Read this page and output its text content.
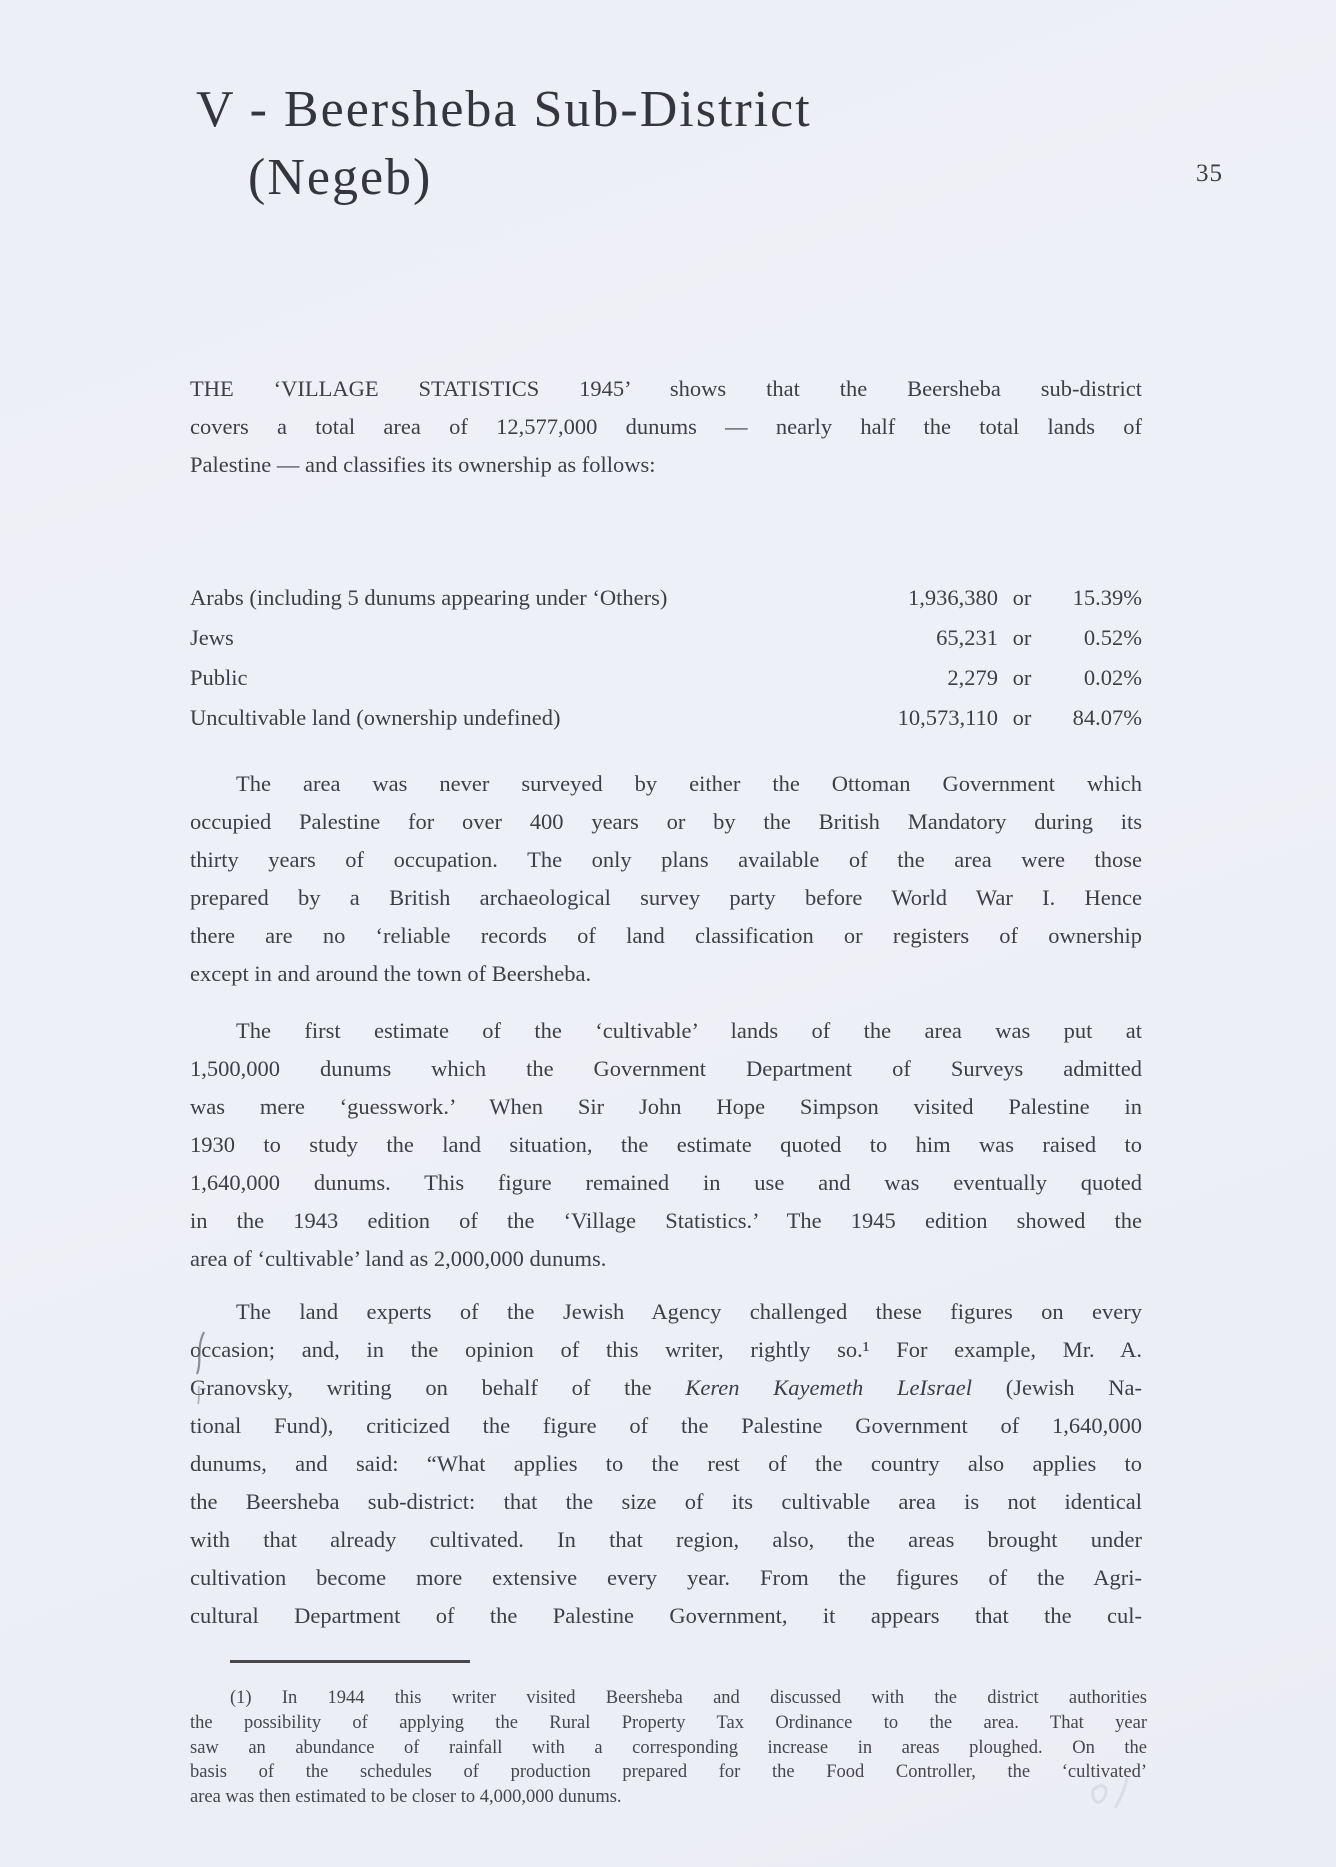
V - Beersheba Sub-District
(Negeb)	35
THE ‘VILLAGE STATISTICS 1945’ shows that the Beersheba sub-district
covers a total area of 12,577,000 dunums — nearly half the total lands of
Palestine — and classifies its ownership as follows:
Arabs (including 5 dunums appearing under ‘Others)	1,936,380 or	15.39%
Jews	65,231 or	0.52%
Public	2,279 or	0.02%
Uncultivable land (ownership undefined)	10,573,110 or	84.07%
The area was never surveyed by either the Ottoman Government which
occupied Palestine for over 400 years or by the British Mandatory during its
thirty years of occupation. The only plans available of the area were those
prepared by a British archaeological survey party before World War I. Hence
there are no ‘reliable records of land classification or registers of ownership
except in and around the town of Beersheba.
The first estimate of the ‘cultivable’ lands of the area was put at
1,500,000 dunums which the Government Department of Surveys admitted
was mere ‘guesswork.’ When Sir John Hope Simpson visited Palestine in
1930 to study the land situation, the estimate quoted to him was raised to
1,640,000 dunums. This figure remained in use and was eventually quoted
in the 1943 edition of the ‘Village Statistics.’ The 1945 edition showed the
area of ‘cultivable’ land as 2,000,000 dunums.
The land experts of the Jewish Agency challenged these figures on every
occasion; and, in the opinion of this writer, rightly so.¹ For example, Mr. A.
Granovsky, writing on behalf of the Keren Kayemeth LeIsrael (Jewish Na-
tional Fund), criticized the figure of the Palestine Government of 1,640,000
dunums, and said: “What applies to the rest of the country also applies to
the Beersheba sub-district: that the size of its cultivable area is not identical
with that already cultivated. In that region, also, the areas brought under
cultivation become more extensive every year. From the figures of the Agri-
cultural Department of the Palestine Government, it appears that the cul-
(1) In 1944 this writer visited Beersheba and discussed with the district authorities
the possibility of applying the Rural Property Tax Ordinance to the area. That year
saw an abundance of rainfall with a corresponding increase in areas ploughed. On the
basis of the schedules of production prepared for the Food Controller, the ‘cultivated’
area was then estimated to be closer to 4,000,000 dunums.
